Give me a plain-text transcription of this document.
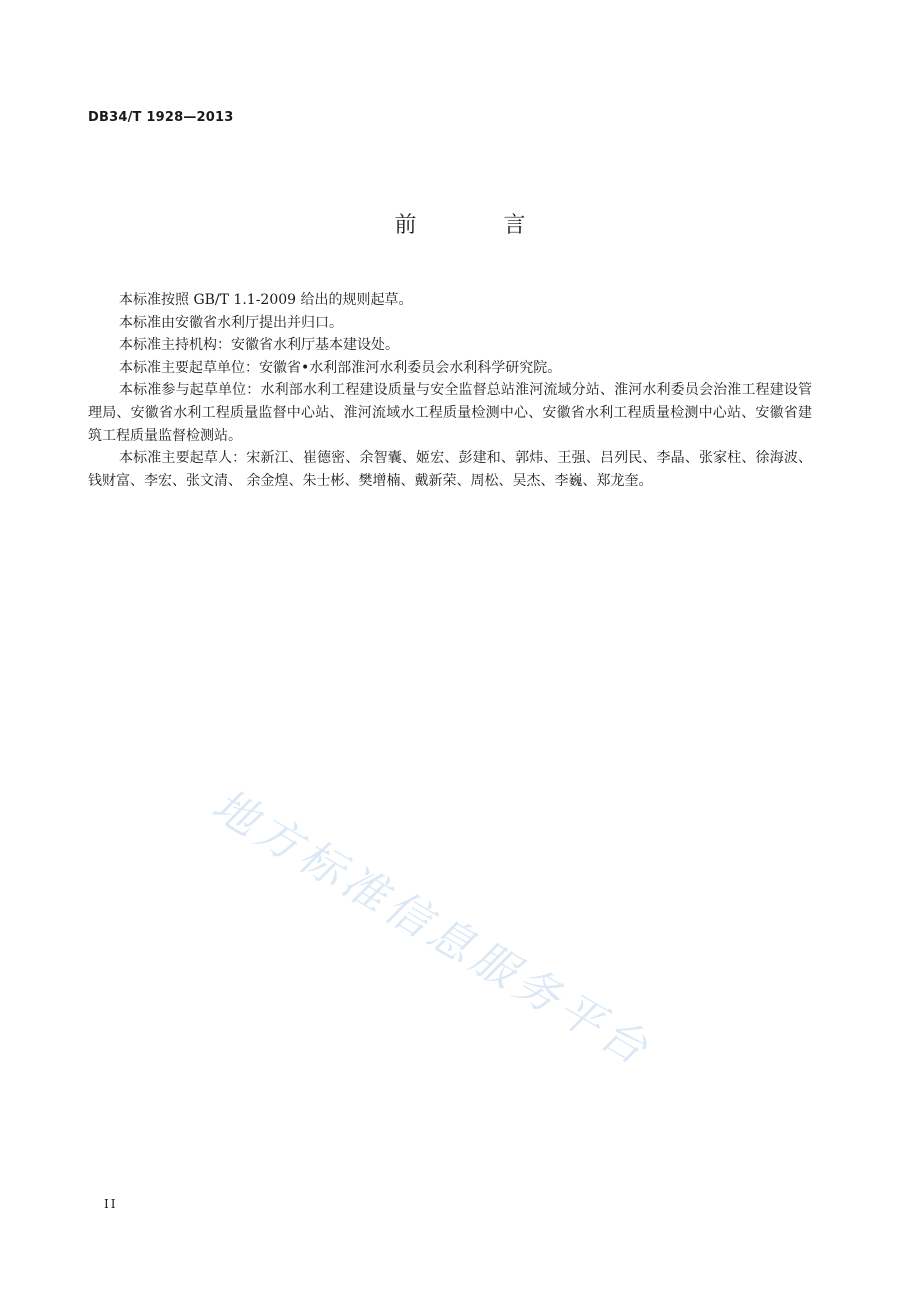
DB34/T 1928—2013
前 言

本标准按照 GB/T 1.1-2009 给出的规则起草。

本标准由安徽省水利厅提出并归口。

本标准主持机构：安徽省水利厅基本建设处。

本标准主要起草单位：安徽省•水利部淮河水利委员会水利科学研究院。

本标准参与起草单位：水利部水利工程建设质量与安全监督总站淮河流域分站、淮河水利委员会治淮工程建设管理局、安徽省水利工程质量监督中心站、淮河流域水工程质量检测中心、安徽省水利工程质量检测中心站、安徽省建筑工程质量监督检测站。

本标准主要起草人：宋新江、崔德密、余智囊、姬宏、彭建和、郭炜、王强、吕列民、李晶、张家柱、徐海波、钱财富、李宏、张文清、 余金煌、朱士彬、樊增楠、戴新荣、周松、吴杰、李巍、郑龙奎。

地方标准信息服务平台
II
